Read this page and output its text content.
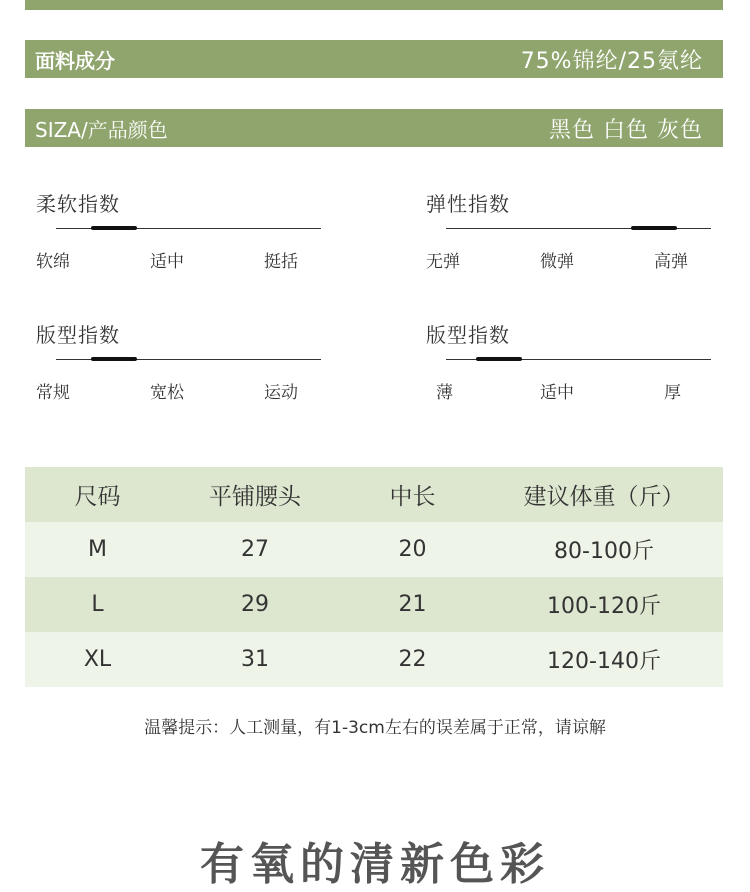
面料成分	75%锦纶/25氨纶
SIZA/产品颜色	黑色 白色 灰色
柔软指数
软绵	适中	挺括
弹性指数
无弹	微弹	高弹
版型指数
常规	宽松	运动
版型指数
薄	适中	厚
尺码	平铺腰头	中长	建议体重（斤）
M	27	20	80-100斤
L	29	21	100-120斤
XL	31	22	120-140斤
温馨提示：人工测量，有1-3cm左右的误差属于正常，请谅解
有氧的清新色彩
